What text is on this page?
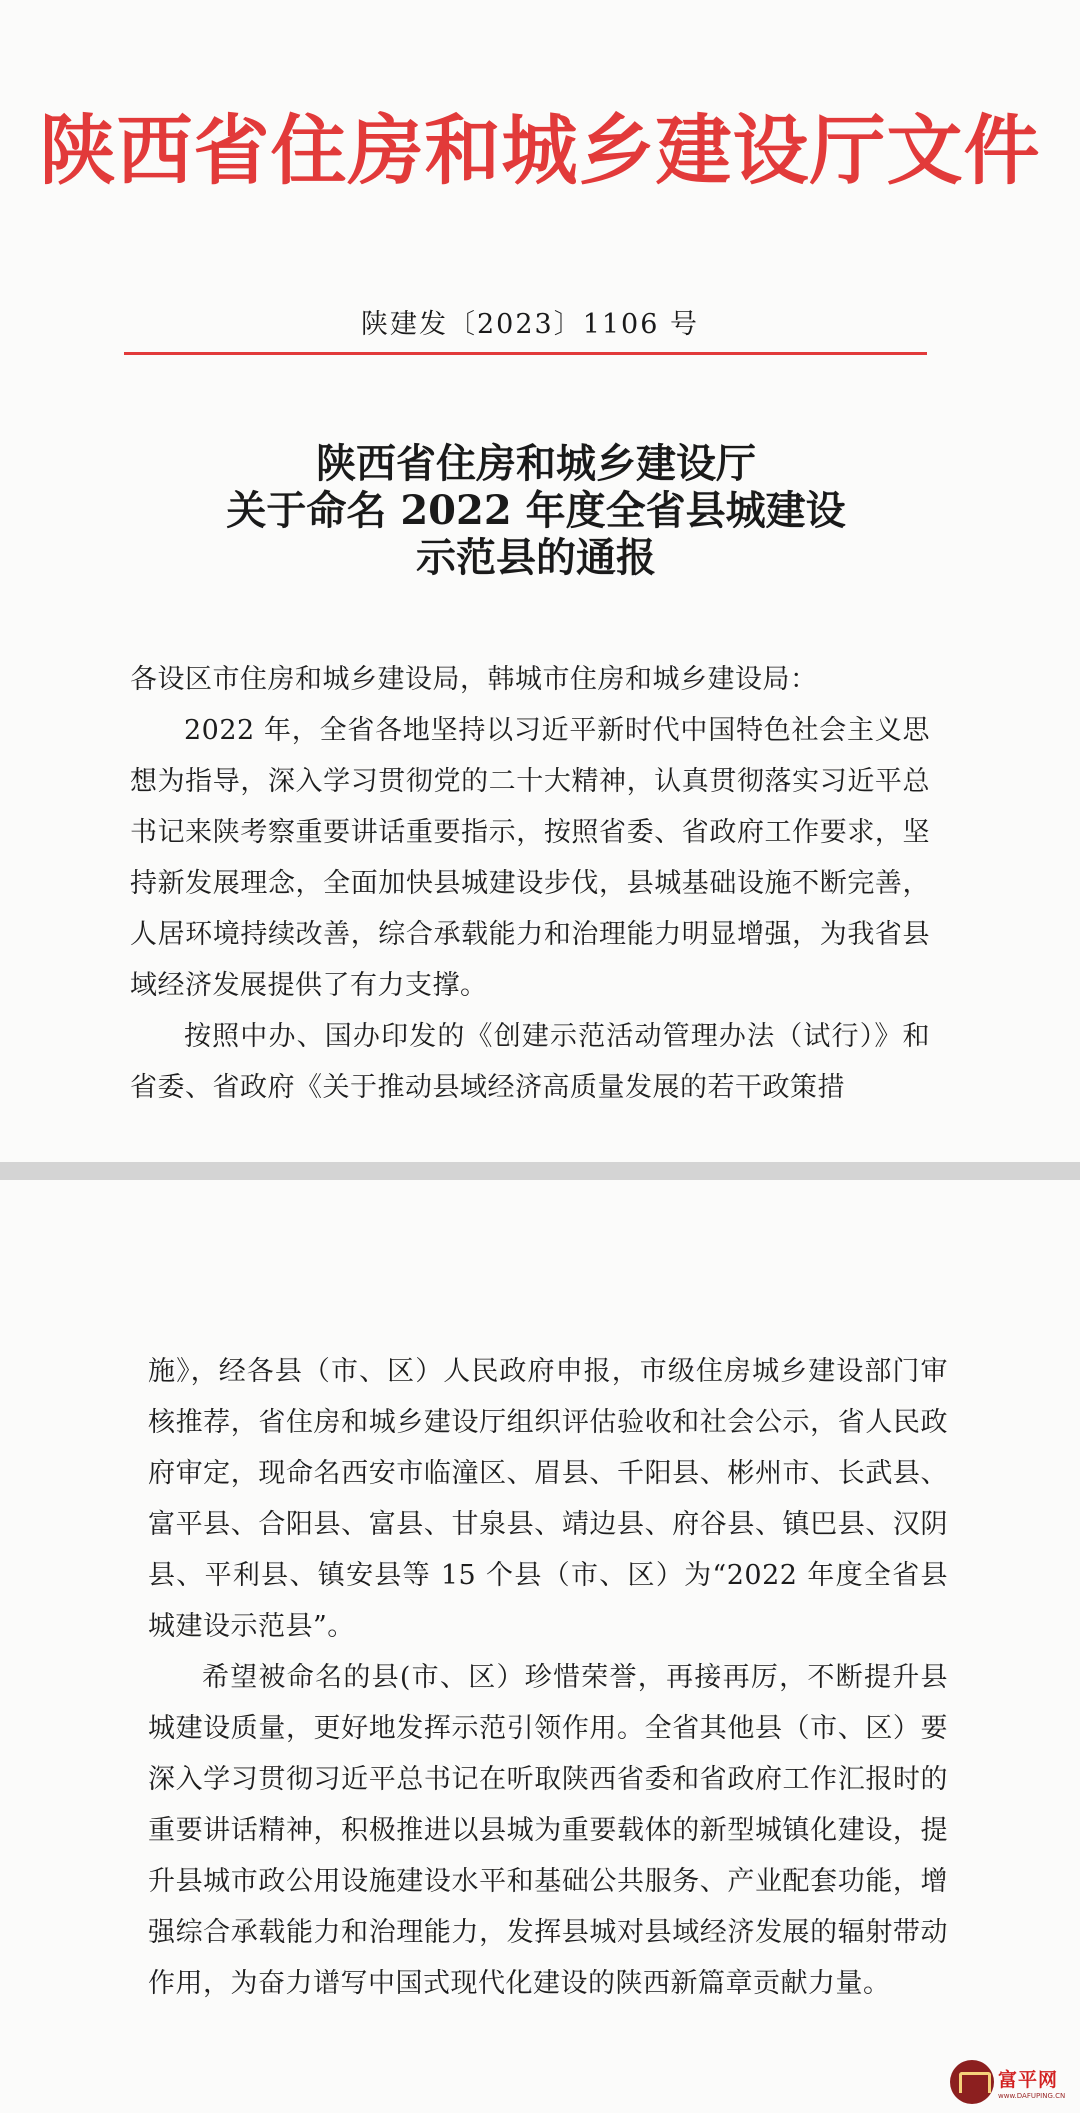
陕西省住房和城乡建设厅文件
陕建发〔2023〕1106 号
陕西省住房和城乡建设厅
关于命名 2022 年度全省县城建设
示范县的通报

各设区市住房和城乡建设局，韩城市住房和城乡建设局：

2022 年，全省各地坚持以习近平新时代中国特色社会主义思想为指导，深入学习贯彻党的二十大精神，认真贯彻落实习近平总书记来陕考察重要讲话重要指示，按照省委、省政府工作要求，坚持新发展理念，全面加快县城建设步伐，县城基础设施不断完善，人居环境持续改善，综合承载能力和治理能力明显增强，为我省县域经济发展提供了有力支撑。

按照中办、国办印发的《创建示范活动管理办法（试行）》和省委、省政府《关于推动县域经济高质量发展的若干政策措

施》，经各县（市、区）人民政府申报，市级住房城乡建设部门审核推荐，省住房和城乡建设厅组织评估验收和社会公示，省人民政府审定，现命名西安市临潼区、眉县、千阳县、彬州市、长武县、富平县、合阳县、富县、甘泉县、靖边县、府谷县、镇巴县、汉阴县、平利县、镇安县等 15 个县（市、区）为“2022 年度全省县城建设示范县”。

希望被命名的县(市、区）珍惜荣誉，再接再厉，不断提升县城建设质量，更好地发挥示范引领作用。全省其他县（市、区）要深入学习贯彻习近平总书记在听取陕西省委和省政府工作汇报时的重要讲话精神，积极推进以县城为重要载体的新型城镇化建设，提升县城市政公用设施建设水平和基础公共服务、产业配套功能，增强综合承载能力和治理能力，发挥县城对县域经济发展的辐射带动作用，为奋力谱写中国式现代化建设的陕西新篇章贡献力量。

富平网
www.DAFUPING.CN
